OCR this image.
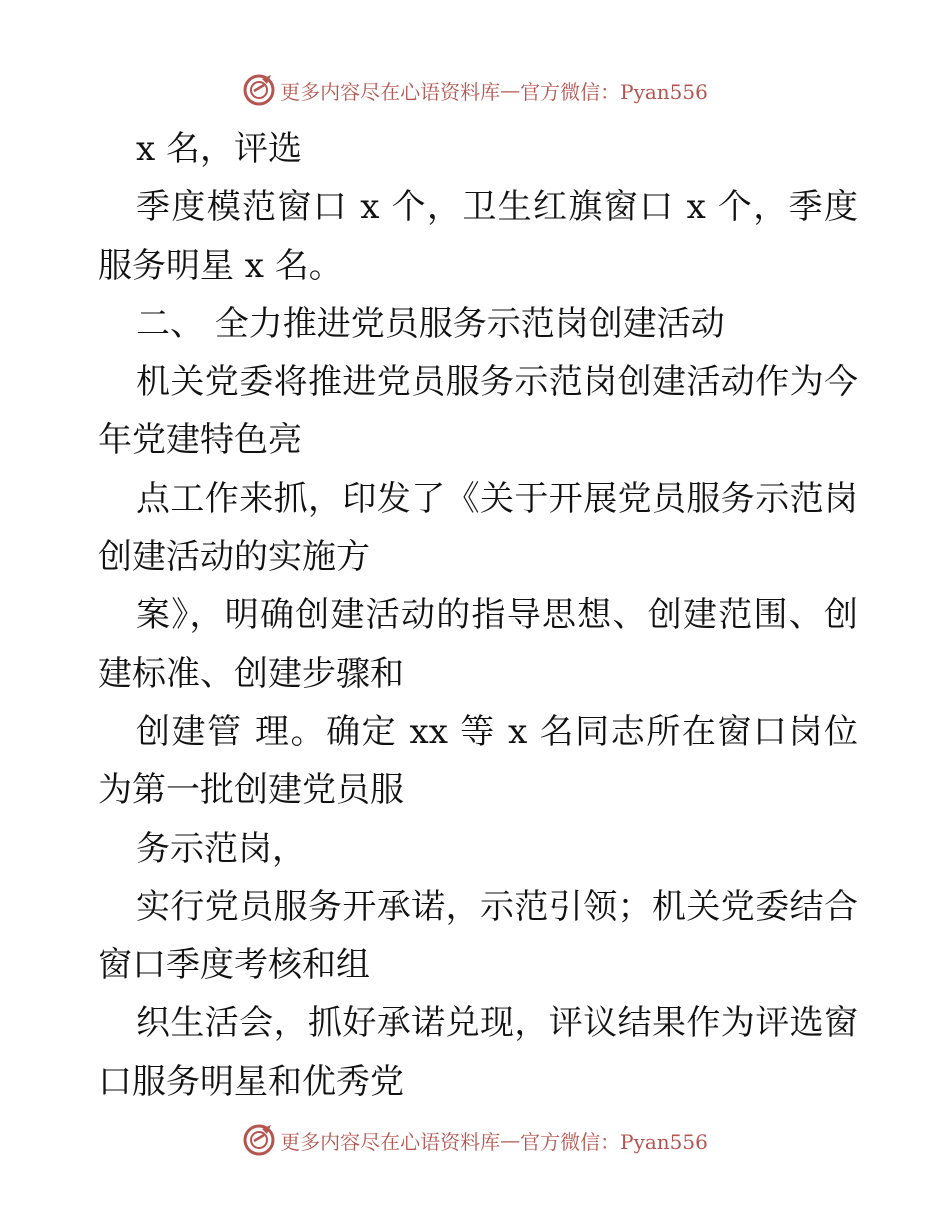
更多内容尽在心语资料库 — 官方微信：Pyan556
x 名，评选
季度模范窗口 x 个，卫生红旗窗口 x 个，季度
服务明星 x 名。
二、 全力推进党员服务示范岗创建活动
机关党委将推进党员服务示范岗创建活动作为今
年党建特色亮
点工作来抓，印发了《关于开展党员服务示范岗
创建活动的实施方
案》，明确创建活动的指导思想、创建范围、创
建标准、创建步骤和
创建管 理。确定 xx 等 x 名同志所在窗口岗位
为第一批创建党员服
务示范岗，
实行党员服务开承诺，示范引领；机关党委结合
窗口季度考核和组
织生活会，抓好承诺兑现，评议结果作为评选窗
口服务明星和优秀党
更多内容尽在心语资料库 — 官方微信：Pyan556
